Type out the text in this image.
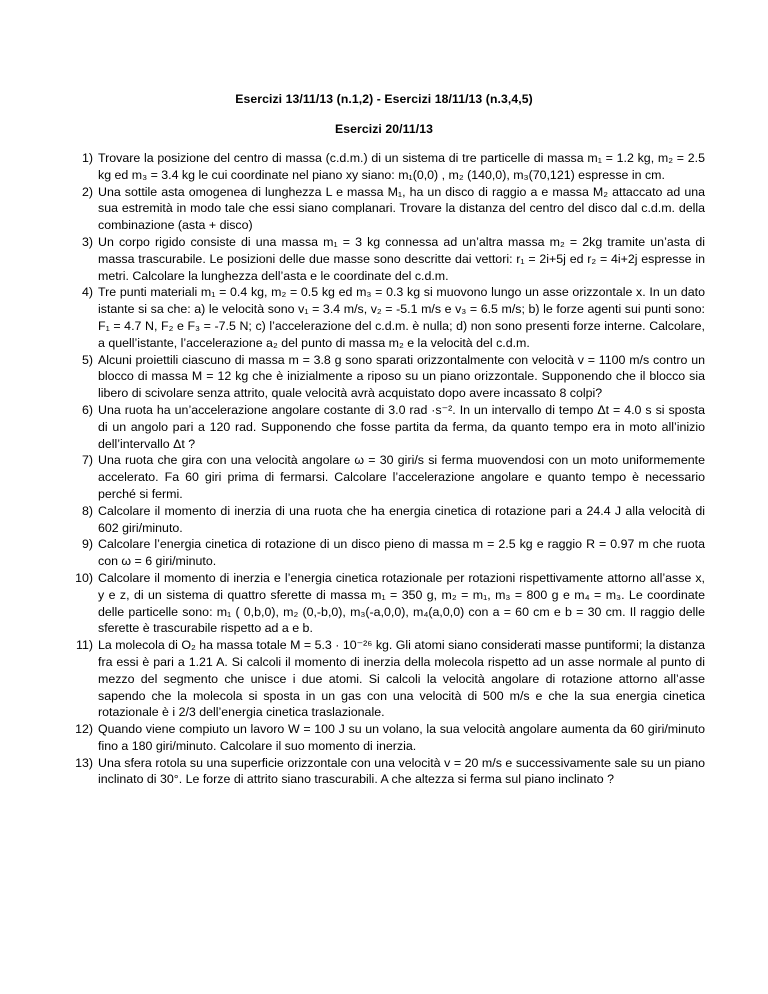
Esercizi 13/11/13 (n.1,2) - Esercizi 18/11/13 (n.3,4,5)
Esercizi 20/11/13
1) Trovare la posizione del centro di massa (c.d.m.) di un sistema di tre particelle di massa m₁ = 1.2 kg, m₂ = 2.5 kg ed m₃ = 3.4 kg le cui coordinate nel piano xy siano: m₁(0,0) , m₂ (140,0), m₃(70,121) espresse in cm.
2) Una sottile asta omogenea di lunghezza L e massa M₁, ha un disco di raggio a e massa M₂ attaccato ad una sua estremità in modo tale che essi siano complanari. Trovare la distanza del centro del disco dal c.d.m. della combinazione (asta + disco)
3) Un corpo rigido consiste di una massa m₁ = 3 kg connessa ad un’altra massa m₂ = 2kg tramite un’asta di massa trascurabile. Le posizioni delle due masse sono descritte dai vettori: r₁ = 2i+5j ed r₂ = 4i+2j espresse in metri. Calcolare la lunghezza dell’asta e le coordinate del c.d.m.
4) Tre punti materiali m₁ = 0.4 kg, m₂ = 0.5 kg ed m₃ = 0.3 kg si muovono lungo un asse orizzontale x. In un dato istante si sa che: a) le velocità sono v₁ = 3.4 m/s, v₂ = -5.1 m/s e v₃ = 6.5 m/s; b) le forze agenti sui punti sono: F₁ = 4.7 N, F₂ e F₃ = -7.5 N; c) l’accelerazione del c.d.m. è nulla; d) non sono presenti forze interne. Calcolare, a quell’istante, l’accelerazione a₂ del punto di massa m₂ e la velocità del c.d.m.
5) Alcuni proiettili ciascuno di massa m = 3.8 g sono sparati orizzontalmente con velocità v = 1100 m/s contro un blocco di massa M = 12 kg che è inizialmente a riposo su un piano orizzontale. Supponendo che il blocco sia libero di scivolare senza attrito, quale velocità avrà acquistato dopo avere incassato 8 colpi?
6) Una ruota ha un’accelerazione angolare costante di 3.0 rad ·s⁻². In un intervallo di tempo Δt = 4.0 s si sposta di un angolo pari a 120 rad. Supponendo che fosse partita da ferma, da quanto tempo era in moto all’inizio dell’intervallo Δt ?
7) Una ruota che gira con una velocità angolare ω = 30 giri/s si ferma muovendosi con un moto uniformemente accelerato. Fa 60 giri prima di fermarsi. Calcolare l’accelerazione angolare e quanto tempo è necessario perché si fermi.
8) Calcolare il momento di inerzia di una ruota che ha energia cinetica di rotazione pari a 24.4 J alla velocità di 602 giri/minuto.
9) Calcolare l’energia cinetica di rotazione di un disco pieno di massa m = 2.5 kg e raggio R = 0.97 m che ruota con ω = 6 giri/minuto.
10) Calcolare il momento di inerzia e l’energia cinetica rotazionale per rotazioni rispettivamente attorno all’asse x, y e z, di un sistema di quattro sferette di massa m₁ = 350 g, m₂ = m₁, m₃ = 800 g e m₄ = m₃. Le coordinate delle particelle sono: m₁ ( 0,b,0), m₂ (0,-b,0), m₃(-a,0,0), m₄(a,0,0) con a = 60 cm e b = 30 cm. Il raggio delle sferette è trascurabile rispetto ad a e b.
11) La molecola di O₂ ha massa totale M = 5.3 · 10⁻²⁶ kg. Gli atomi siano considerati masse puntiformi; la distanza fra essi è pari a 1.21 A. Si calcoli il momento di inerzia della molecola rispetto ad un asse normale al punto di mezzo del segmento che unisce i due atomi. Si calcoli la velocità angolare di rotazione attorno all’asse sapendo che la molecola si sposta in un gas con una velocità di 500 m/s e che la sua energia cinetica rotazionale è i 2/3 dell’energia cinetica traslazionale.
12) Quando viene compiuto un lavoro W = 100 J su un volano, la sua velocità angolare aumenta da 60 giri/minuto fino a 180 giri/minuto. Calcolare il suo momento di inerzia.
13) Una sfera rotola su una superficie orizzontale con una velocità v = 20 m/s e successivamente sale su un piano inclinato di 30°. Le forze di attrito siano trascurabili. A che altezza si ferma sul piano inclinato ?
